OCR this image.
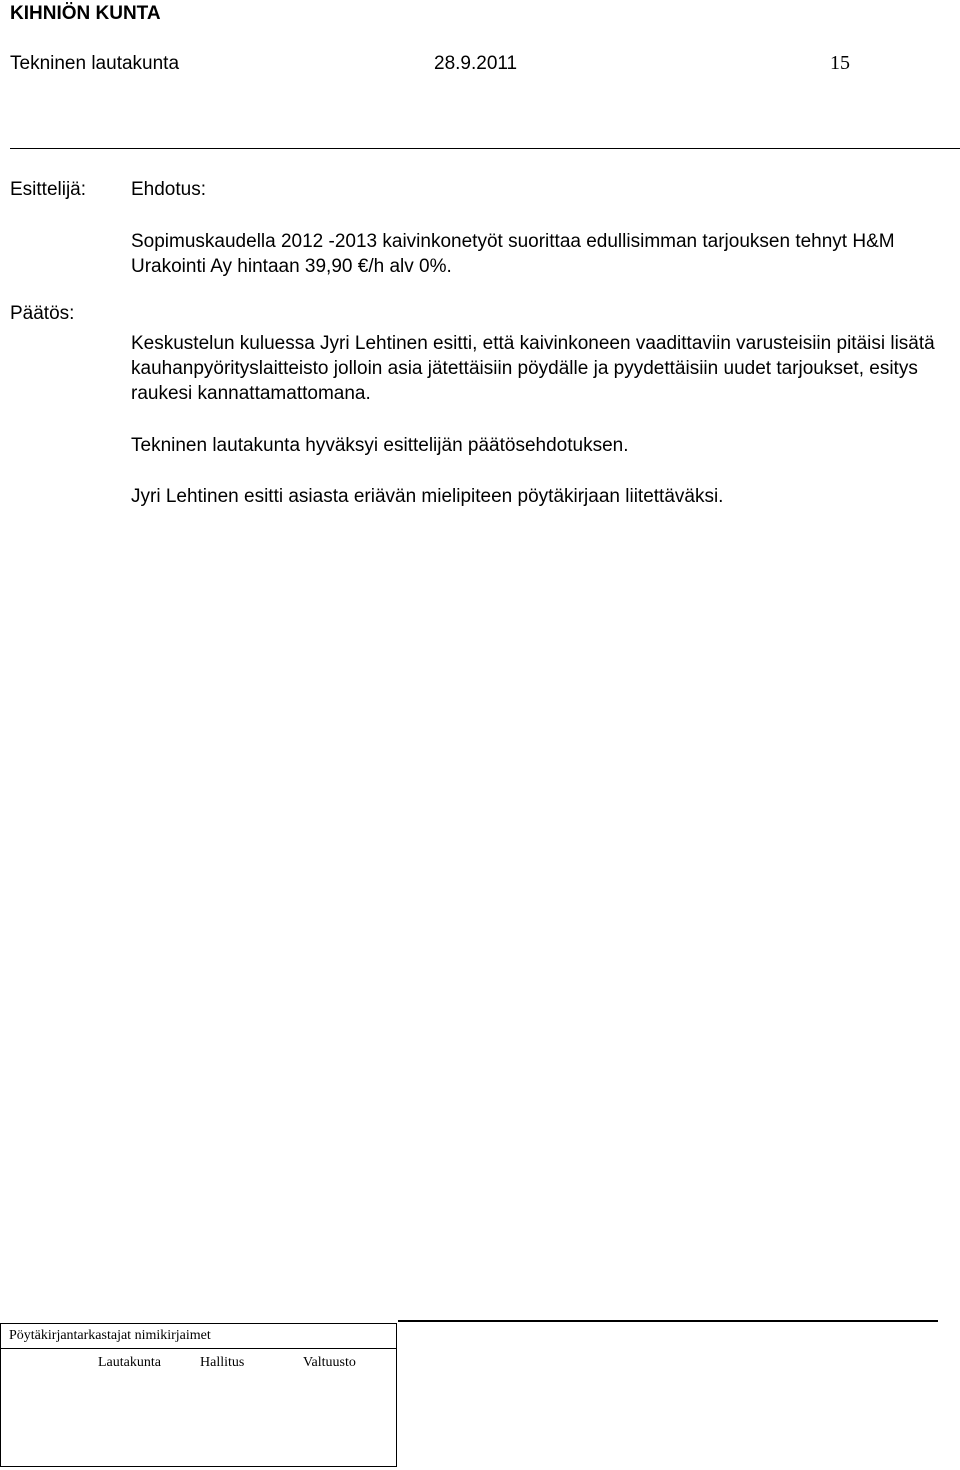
KIHNIÖN KUNTA
Tekninen lautakunta	28.9.2011	15
Esittelijä: Ehdotus:
Sopimuskaudella 2012 -2013 kaivinkonetyöt suorittaa edullisimman tarjouksen tehnyt H&M Urakointi Ay hintaan 39,90 €/h alv 0%.
Päätös:
Keskustelun kuluessa Jyri Lehtinen esitti, että kaivinkoneen vaadittaviin varusteisiin pitäisi lisätä kauhanpyörityslaitteisto jolloin asia jätettäisiin pöydälle ja pyydettäisiin uudet tarjoukset, esitys raukesi kannattamattomana.
Tekninen lautakunta hyväksyi esittelijän päätösehdotuksen.
Jyri Lehtinen esitti asiasta eriävän mielipiteen pöytäkirjaan liitettäväksi.
Pöytäkirjantarkastajat nimikirjaimet
Lautakunta	Hallitus	Valtuusto
